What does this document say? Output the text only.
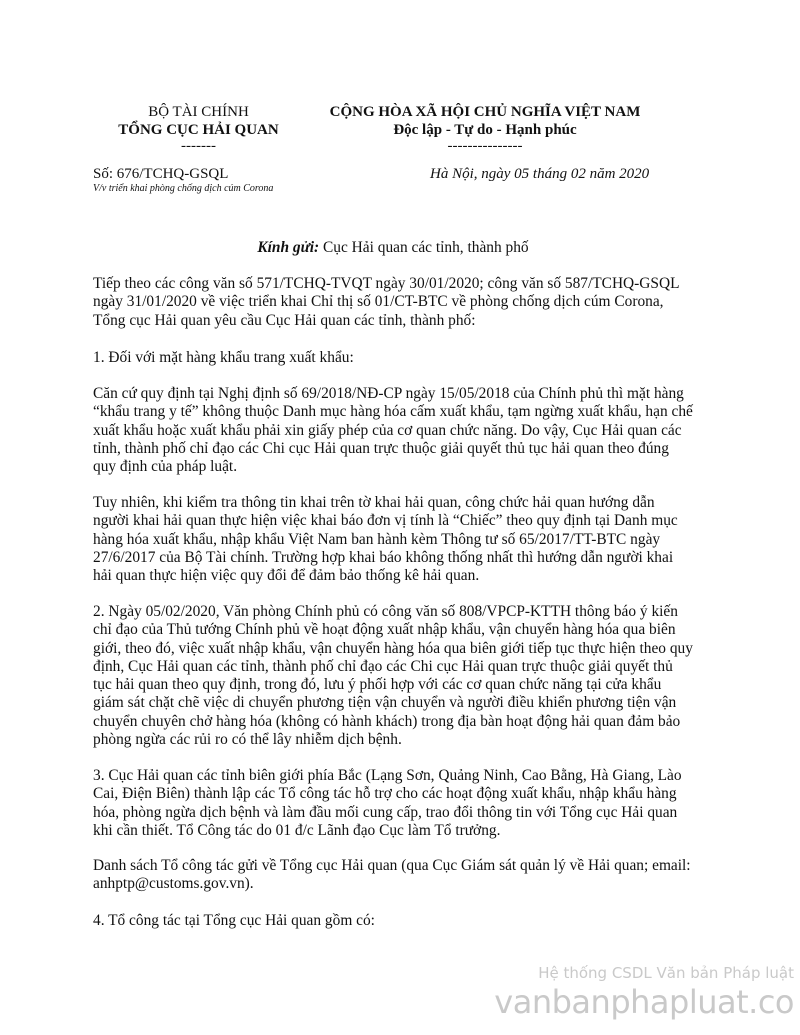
BỘ TÀI CHÍNH
TỔNG CỤC HẢI QUAN
-------
CỘNG HÒA XÃ HỘI CHỦ NGHĨA VIỆT NAM
Độc lập - Tự do - Hạnh phúc
---------------
Số: 676/TCHQ-GSQL
V/v triển khai phòng chống dịch cúm Corona
Hà Nội, ngày 05 tháng 02 năm 2020
Kính gửi: Cục Hải quan các tỉnh, thành phố
Tiếp theo các công văn số 571/TCHQ-TVQT ngày 30/01/2020; công văn số 587/TCHQ-GSQL ngày 31/01/2020 về việc triển khai Chỉ thị số 01/CT-BTC về phòng chống dịch cúm Corona, Tổng cục Hải quan yêu cầu Cục Hải quan các tỉnh, thành phố:
1. Đối với mặt hàng khẩu trang xuất khẩu:
Căn cứ quy định tại Nghị định số 69/2018/NĐ-CP ngày 15/05/2018 của Chính phủ thì mặt hàng “khẩu trang y tế” không thuộc Danh mục hàng hóa cấm xuất khẩu, tạm ngừng xuất khẩu, hạn chế xuất khẩu hoặc xuất khẩu phải xin giấy phép của cơ quan chức năng. Do vậy, Cục Hải quan các tỉnh, thành phố chỉ đạo các Chi cục Hải quan trực thuộc giải quyết thủ tục hải quan theo đúng quy định của pháp luật.
Tuy nhiên, khi kiểm tra thông tin khai trên tờ khai hải quan, công chức hải quan hướng dẫn người khai hải quan thực hiện việc khai báo đơn vị tính là “Chiếc” theo quy định tại Danh mục hàng hóa xuất khẩu, nhập khẩu Việt Nam ban hành kèm Thông tư số 65/2017/TT-BTC ngày 27/6/2017 của Bộ Tài chính. Trường hợp khai báo không thống nhất thì hướng dẫn người khai hải quan thực hiện việc quy đổi để đảm bảo thống kê hải quan.
2. Ngày 05/02/2020, Văn phòng Chính phủ có công văn số 808/VPCP-KTTH thông báo ý kiến chỉ đạo của Thủ tướng Chính phủ về hoạt động xuất nhập khẩu, vận chuyển hàng hóa qua biên giới, theo đó, việc xuất nhập khẩu, vận chuyển hàng hóa qua biên giới tiếp tục thực hiện theo quy định, Cục Hải quan các tỉnh, thành phố chỉ đạo các Chi cục Hải quan trực thuộc giải quyết thủ tục hải quan theo quy định, trong đó, lưu ý phối hợp với các cơ quan chức năng tại cửa khẩu giám sát chặt chẽ việc di chuyển phương tiện vận chuyển và người điều khiển phương tiện vận chuyển chuyên chở hàng hóa (không có hành khách) trong địa bàn hoạt động hải quan đảm bảo phòng ngừa các rủi ro có thể lây nhiễm dịch bệnh.
3. Cục Hải quan các tỉnh biên giới phía Bắc (Lạng Sơn, Quảng Ninh, Cao Bằng, Hà Giang, Lào Cai, Điện Biên) thành lập các Tổ công tác hỗ trợ cho các hoạt động xuất khẩu, nhập khẩu hàng hóa, phòng ngừa dịch bệnh và làm đầu mối cung cấp, trao đổi thông tin với Tổng cục Hải quan khi cần thiết. Tổ Công tác do 01 đ/c Lãnh đạo Cục làm Tổ trưởng.
Danh sách Tổ công tác gửi về Tổng cục Hải quan (qua Cục Giám sát quản lý về Hải quan; email: anhptp@customs.gov.vn).
4. Tổ công tác tại Tổng cục Hải quan gồm có:
Hệ thống CSDL Văn bản Pháp luật
vanbanphapluat.co
